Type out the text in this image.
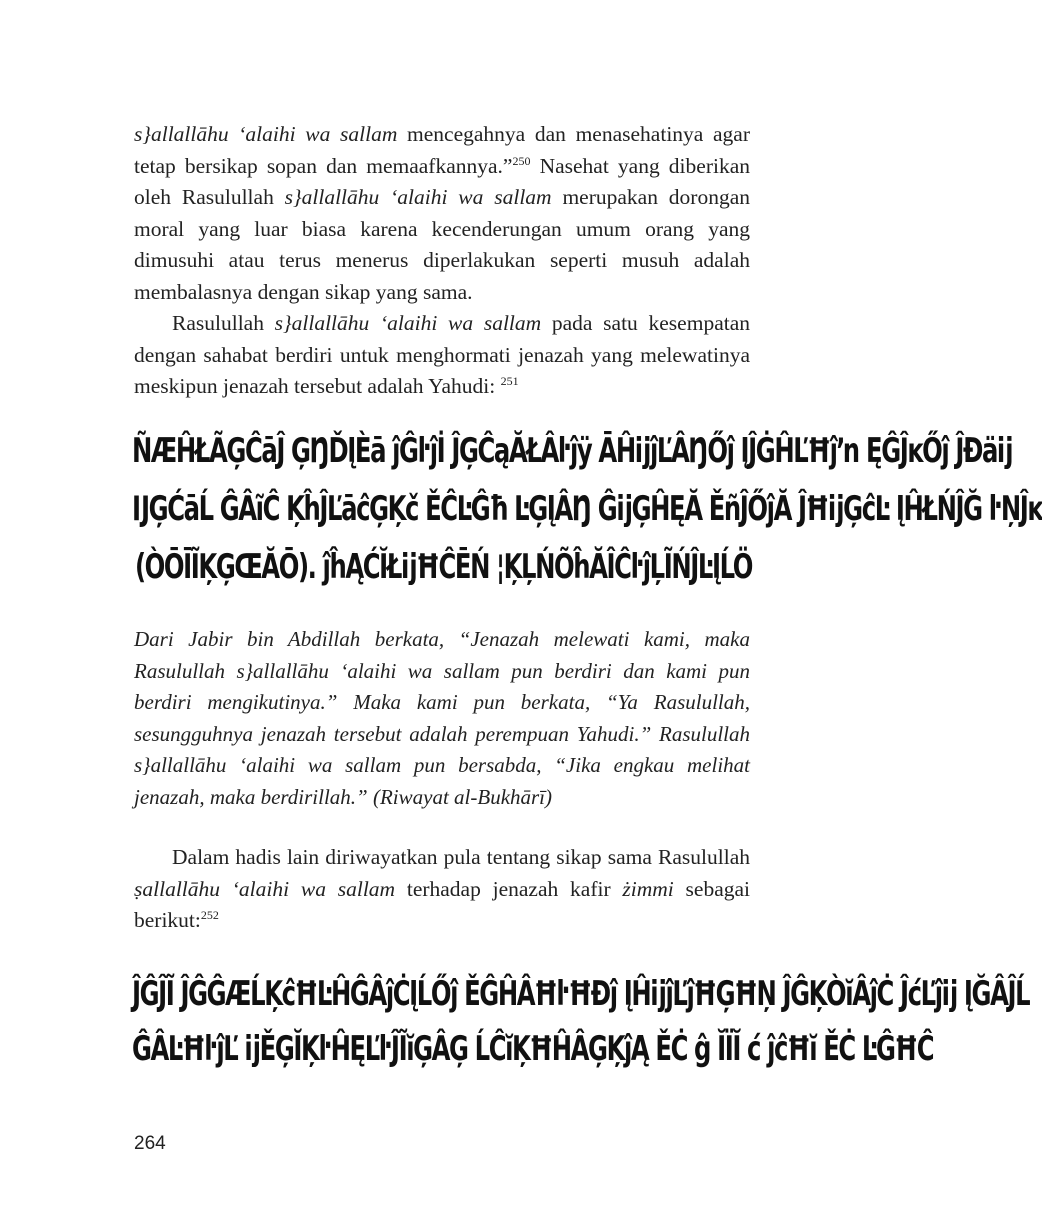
s}allallāhu ‘alaihi wa sallam mencegahnya dan menasehatinya agar tetap bersikap sopan dan memaafkannya.”$^{250}$ Nasehat yang diberikan oleh Rasulullah s}allallāhu ‘alaihi wa sallam merupakan dorongan moral yang luar biasa karena kecenderungan umum orang yang dimusuhi atau terus menerus diperlakukan seperti musuh adalah membalasnya dengan sikap yang sama.

Rasulullah s}allallāhu ‘alaihi wa sallam pada satu kesempatan dengan sahabat berdiri untuk menghormati jenazah yang melewatinya meskipun jenazah tersebut adalah Yahudi: $^{251}$

ÑÆĤŁÃĢĈāĴ ĢŊĎĮÈā ĵĜŀĵİ ĴĢĈąĂŁÂŀĵÿ ĀĤĳĵĽÂŊŐĵ ĮĴĠĤĽĦĵŉ ĘĜĴĸŐĵ ĴÐäĳ
ĲĢĆāĹ ĜÂĩĈ ĶĥĴĽāĉĢĶč ĚĈĿĜħ ĿĢĮÂŊ ĜĳĢĤĘĂ ĚñĴŐĵĂ ĴĦĳĢĉĿ ĮĤŁŃĴĞ ŀŅĴĸ
(ÒŌĪĨĶĢŒĂŌ). ĵĥĄĆĬŁĳĦĈĒŃ ¦ĶĻŃÕĥĂÎĈŀĵĻĨŃĴĿĮĹÖ

Dari Jabir bin Abdillah berkata, “Jenazah melewati kami, maka Rasulullah s}allallāhu ‘alaihi wa sallam pun berdiri dan kami pun berdiri mengikutinya.” Maka kami pun berkata, “Ya Rasulullah, sesungguhnya jenazah tersebut adalah perempuan Yahudi.” Rasulullah s}allallāhu ‘alaihi wa sallam pun bersabda, “Jika engkau melihat jenazah, maka berdirillah.” (Riwayat al-Bukhārī)

Dalam hadis lain diriwayatkan pula tentang sikap sama Rasulullah ṣallallāhu ‘alaihi wa sallam terhadap jenazah kafir żimmi sebagai berikut:$^{252}$

ĴĜĴĨ ĴĜĜÆĹĶĉĦĿĤĜÂĵĊĮĹŐĵ ĚĜĤÂĦŀĦÐĵ ĮĤĳĵĽĵĦĢĦŅ ĴĜĶÒĭÂĵĊ ĴćĽĵĳ ĮĞÂĴĹ
ĜÂĿĦŀĵĽ ĳĚĢĬĶŀĤĘĽŀĴĨĭĢÂĢ ĹĈĭĶĦĤÂĢĶĵĄ ĚĊ ĝ ĬÏĬ ć ĵĉĦĭ ĚĊ ĿĜĦĈ
264
